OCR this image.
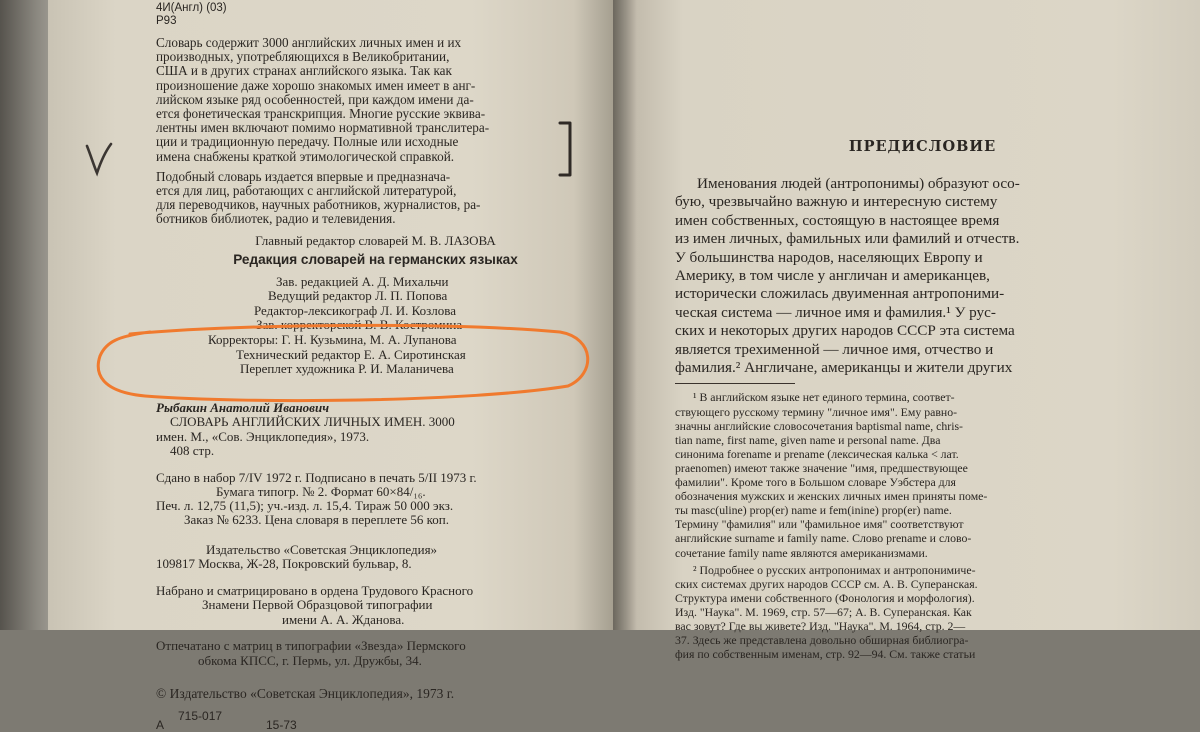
4И(Англ) (03)
Р93
Словарь содержит 3000 английских личных имен и их
производных, употребляющихся в Великобритании,
США и в других странах английского языка. Так как
произношение даже хорошо знакомых имен имеет в анг-
лийском языке ряд особенностей, при каждом имени да-
ется фонетическая транскрипция. Многие русские эквива-
лентны имен включают помимо нормативной транслитера-
ции и традиционную передачу. Полные или исходные
имена снабжены краткой этимологической справкой.
Подобный словарь издается впервые и предназнача-
ется для лиц, работающих с английской литературой,
для переводчиков, научных работников, журналистов, ра-
ботников библиотек, радио и телевидения.
Главный редактор словарей М. В. ЛАЗОВА
Редакция словарей на германских языках
Зав. редакцией А. Д. Михальчи
Ведущий редактор Л. П. Попова
Редактор-лексикограф Л. И. Козлова
Зав. корректорской В. В. Костромина
Корректоры: Г. Н. Кузьмина, М. А. Лупанова
Технический редактор Е. А. Сиротинская
Переплет художника Р. И. Маланичева
Рыбакин Анатолий Иванович
СЛОВАРЬ АНГЛИЙСКИХ ЛИЧНЫХ ИМЕН. 3000
имен. М., «Сов. Энциклопедия», 1973.
408 стр.
Сдано в набор 7/IV 1972 г. Подписано в печать 5/II 1973 г.
Бумага типогр. № 2. Формат 60×84/₁₆.
Печ. л. 12,75 (11,5); уч.-изд. л. 15,4. Тираж 50 000 экз.
Заказ № 6233. Цена словаря в переплете 56 коп.
Издательство «Советская Энциклопедия»
109817 Москва, Ж-28, Покровский бульвар, 8.
Набрано и сматрицировано в ордена Трудового Красного
Знамени Первой Образцовой типографии
имени А. А. Жданова.
Отпечатано с матриц в типографии «Звезда» Пермского
обкома КПСС, г. Пермь, ул. Дружбы, 34.
© Издательство «Советская Энциклопедия», 1973 г.
А
715-017
15-73
ПРЕДИСЛОВИЕ
Именования людей (антропонимы) образуют осо-
бую, чрезвычайно важную и интересную систему
имен собственных, состоящую в настоящее время
из имен личных, фамильных или фамилий и отчеств.
У большинства народов, населяющих Европу и
Америку, в том числе у англичан и американцев,
исторически сложилась двуименная антропоними-
ческая система — личное имя и фамилия.¹ У рус-
ских и некоторых других народов СССР эта система
является трехименной — личное имя, отчество и
фамилия.² Англичане, американцы и жители других
¹ В английском языке нет единого термина, соответ-
ствующего русскому термину "личное имя". Ему равно-
значны английские словосочетания baptismal name, chris-
tian name, first name, given name и personal name. Два
синонима forename и prename (лексическая калька < лат.
praenomen) имеют также значение "имя, предшествующее
фамилии". Кроме того в Большом словаре Уэбстера для
обозначения мужских и женских личных имен приняты поме-
ты masc(uline) prop(er) name и fem(inine) prop(er) name.
Термину "фамилия" или "фамильное имя" соответствуют
английские surname и family name. Слово prename и слово-
сочетание family name являются американизмами.
² Подробнее о русских антропонимах и антропонимиче-
ских системах других народов СССР см. А. В. Суперанская.
Структура имени собственного (Фонология и морфология).
Изд. "Наука". М. 1969, стр. 57—67; А. В. Суперанская. Как
вас зовут? Где вы живете? Изд. "Наука". М. 1964, стр. 2—
37. Здесь же представлена довольно обширная библиогра-
фия по собственным именам, стр. 92—94. См. также статьи
